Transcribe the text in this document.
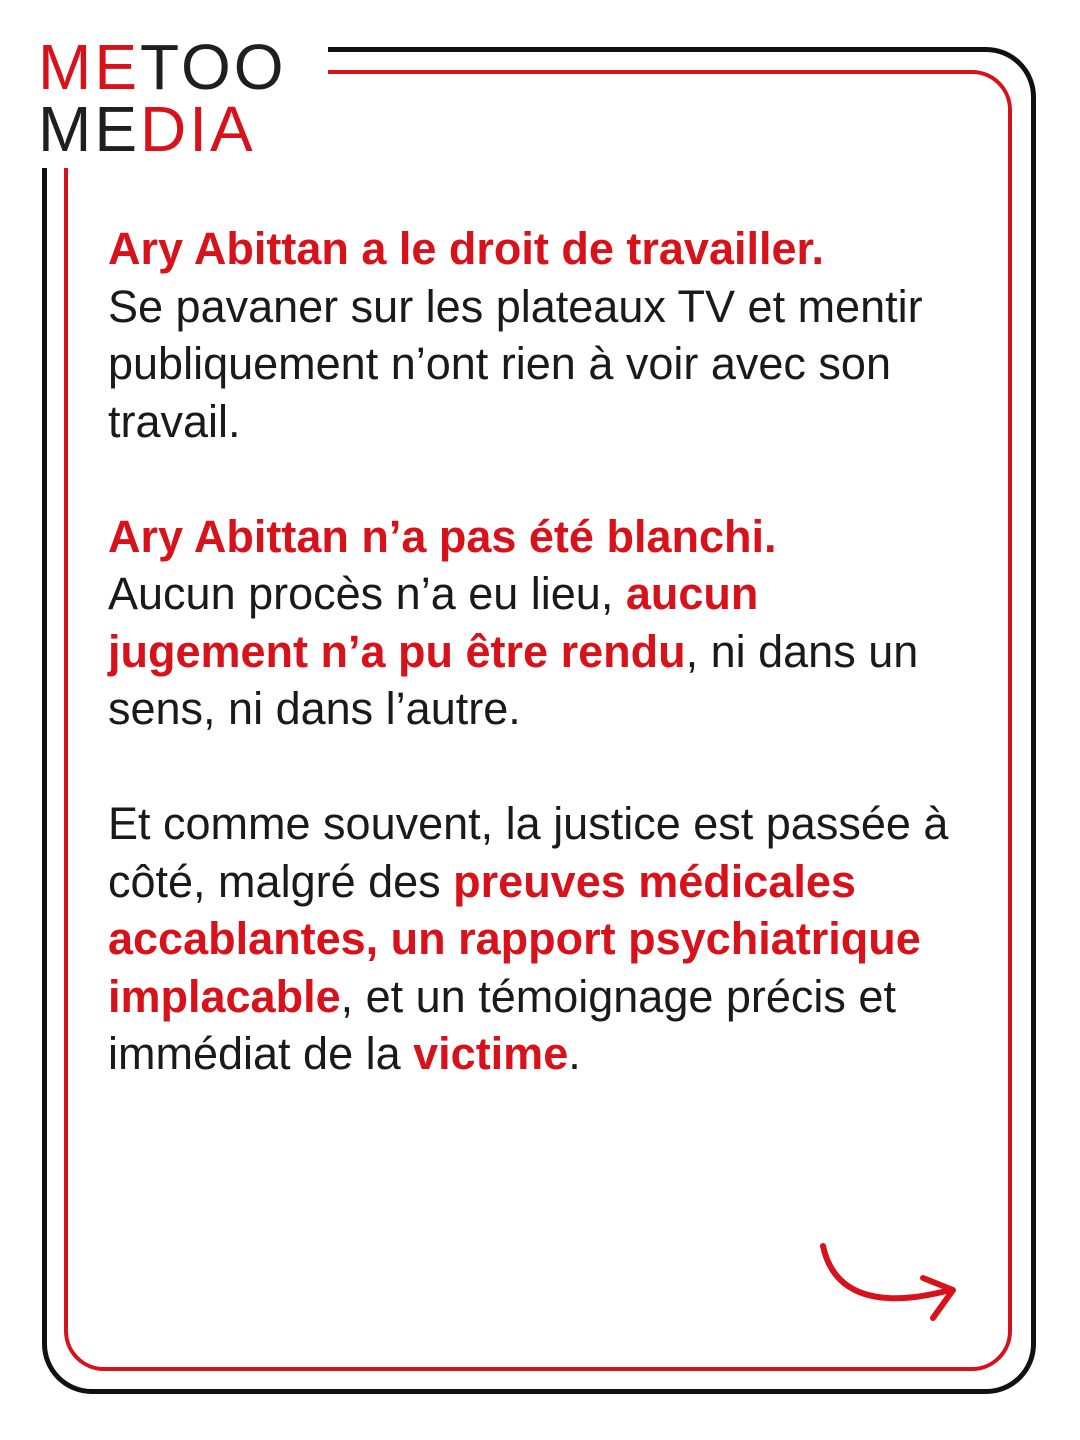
METOO
MEDIA

Ary Abittan a le droit de travailler.
Se pavaner sur les plateaux TV et mentir publiquement n’ont rien à voir avec son travail.

Ary Abittan n’a pas été blanchi.
Aucun procès n’a eu lieu, aucun jugement n’a pu être rendu, ni dans un sens, ni dans l’autre.

Et comme souvent, la justice est passée à côté, malgré des preuves médicales accablantes, un rapport psychiatrique implacable, et un témoignage précis et immédiat de la victime.
